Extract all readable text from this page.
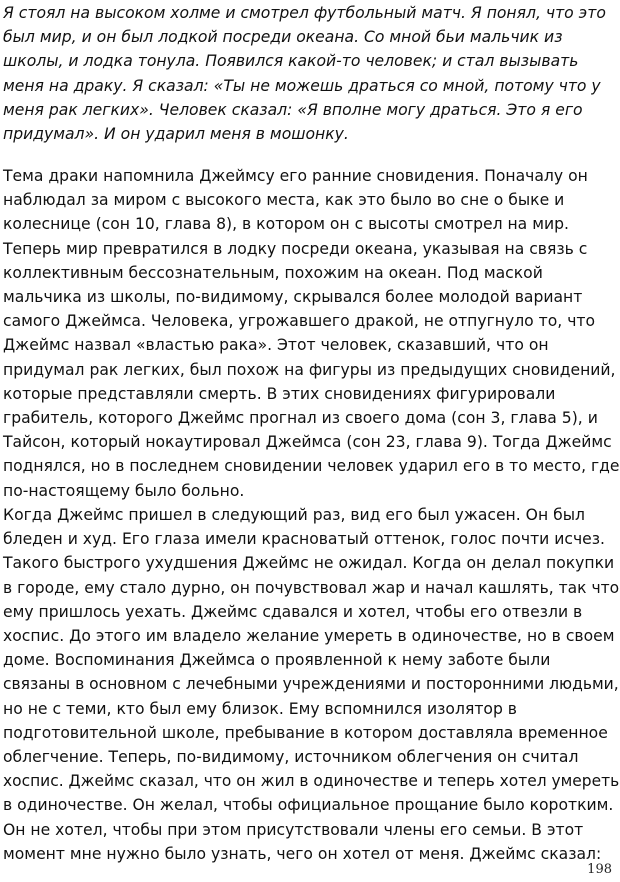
Я стоял на высоком холме и смотрел футбольный матч. Я понял, что это
был мир, и он был лодкой посреди океана. Со мной бьи мальчик из
школы, и лодка тонула. Появился какой-то человек; и стал вызывать
меня на драку. Я сказал: «Ты не можешь драться со мной, потому что у
меня рак легких». Человек сказал: «Я вполне могу драться. Это я его
придумал». И он ударил меня в мошонку.
Тема драки напомнила Джеймсу его ранние сновидения. Поначалу он
наблюдал за миром с высокого места, как это было во сне о быке и
колеснице (сон 10, глава 8), в котором он с высоты смотрел на мир.
Теперь мир превратился в лодку посреди океана, указывая на связь с
коллективным бессознательным, похожим на океан. Под маской
мальчика из школы, по-видимому, скрывался более молодой вариант
самого Джеймса. Человека, угрожавшего дракой, не отпугнуло то, что
Джеймс назвал «властью рака». Этот человек, сказавший, что он
придумал рак легких, был похож на фигуры из предыдущих сновидений,
которые представляли смерть. В этих сновидениях фигурировали
грабитель, которого Джеймс прогнал из своего дома (сон 3, глава 5), и
Тайсон, который нокаутировал Джеймса (сон 23, глава 9). Тогда Джеймс
поднялся, но в последнем сновидении человек ударил его в то место, где
по-настоящему было больно.
Когда Джеймс пришел в следующий раз, вид его был ужасен. Он был
бледен и худ. Его глаза имели красноватый оттенок, голос почти исчез.
Такого быстрого ухудшения Джеймс не ожидал. Когда он делал покупки
в городе, ему стало дурно, он почувствовал жар и начал кашлять, так что
ему пришлось уехать. Джеймс сдавался и хотел, чтобы его отвезли в
хоспис. До этого им владело желание умереть в одиночестве, но в своем
доме. Воспоминания Джеймса о проявленной к нему заботе были
связаны в основном с лечебными учреждениями и посторонними людьми,
но не с теми, кто был ему близок. Ему вспомнился изолятор в
подготовительной школе, пребывание в котором доставляла временное
облегчение. Теперь, по-видимому, источником облегчения он считал
хоспис. Джеймс сказал, что он жил в одиночестве и теперь хотел умереть
в одиночестве. Он желал, чтобы официальное прощание было коротким.
Он не хотел, чтобы при этом присутствовали члены его семьи. В этот
момент мне нужно было узнать, чего он хотел от меня. Джеймс сказал:
198
